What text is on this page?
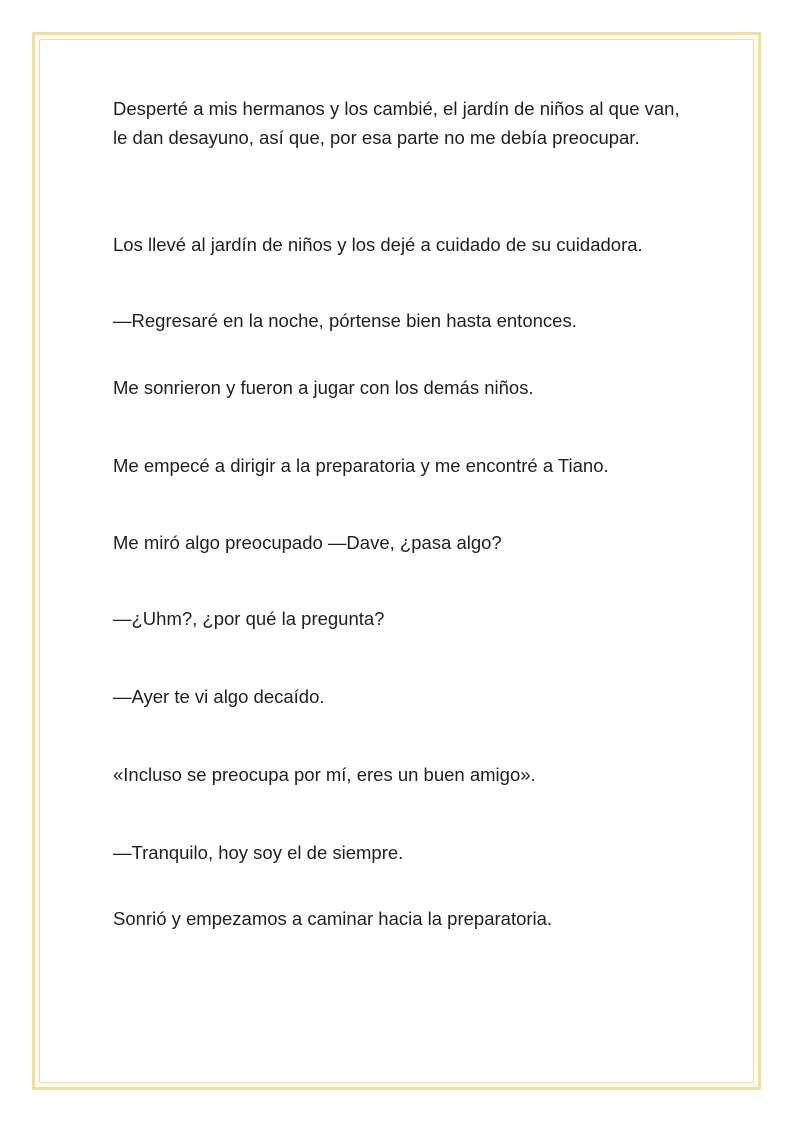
Desperté a mis hermanos y los cambié, el jardín de niños al que van, le dan desayuno, así que, por esa parte no me debía preocupar.

Los llevé al jardín de niños y los dejé a cuidado de su cuidadora.

—Regresaré en la noche, pórtense bien hasta entonces.

Me sonrieron y fueron a jugar con los demás niños.

Me empecé a dirigir a la preparatoria y me encontré a Tiano.

Me miró algo preocupado —Dave, ¿pasa algo?

—¿Uhm?, ¿por qué la pregunta?

—Ayer te vi algo decaído.

«Incluso se preocupa por mí, eres un buen amigo».

—Tranquilo, hoy soy el de siempre.

Sonrió y empezamos a caminar hacia la preparatoria.
